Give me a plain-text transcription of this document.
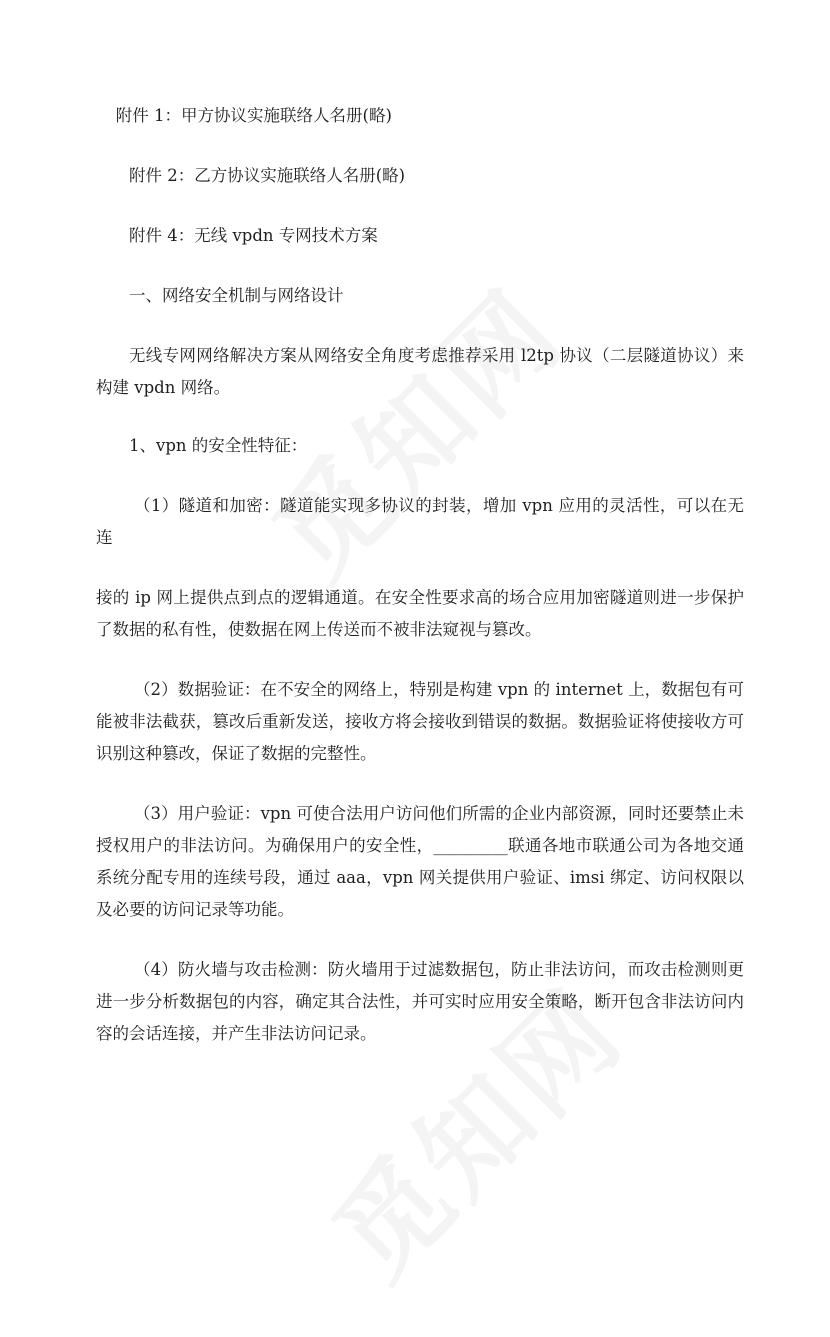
附件 1：甲方协议实施联络人名册(略)

附件 2：乙方协议实施联络人名册(略)

附件 4：无线 vpdn 专网技术方案

一、网络安全机制与网络设计

无线专网网络解决方案从网络安全角度考虑推荐采用 l2tp 协议（二层隧道协议）来构建 vpdn 网络。

1、vpn 的安全性特征：

（1）隧道和加密：隧道能实现多协议的封装，增加 vpn 应用的灵活性，可以在无连

接的 ip 网上提供点到点的逻辑通道。在安全性要求高的场合应用加密隧道则进一步保护了数据的私有性，使数据在网上传送而不被非法窥视与篡改。

（2）数据验证：在不安全的网络上，特别是构建 vpn 的 internet 上，数据包有可能被非法截获，篡改后重新发送，接收方将会接收到错误的数据。数据验证将使接收方可识别这种篡改，保证了数据的完整性。

（3）用户验证：vpn 可使合法用户访问他们所需的企业内部资源，同时还要禁止未授权用户的非法访问。为确保用户的安全性，_________联通各地市联通公司为各地交通系统分配专用的连续号段，通过 aaa，vpn 网关提供用户验证、imsi 绑定、访问权限以及必要的访问记录等功能。

（4）防火墙与攻击检测：防火墙用于过滤数据包，防止非法访问，而攻击检测则更进一步分析数据包的内容，确定其合法性，并可实时应用安全策略，断开包含非法访问内容的会话连接，并产生非法访问记录。
